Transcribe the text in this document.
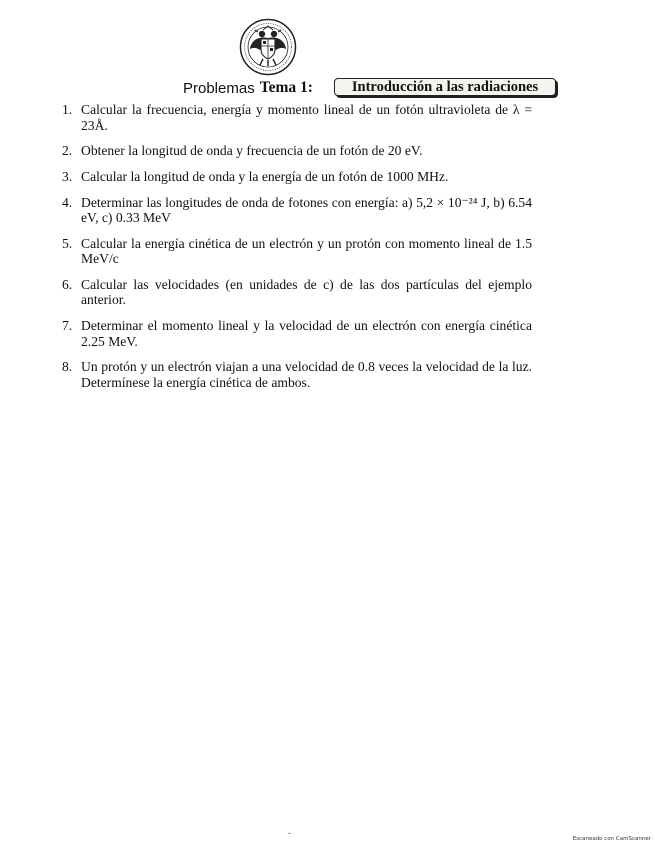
Problemas Tema 1:	Introducción a las radiaciones
1. Calcular la frecuencia, energía y momento lineal de un fotón ultravioleta de λ = 23Å.
2. Obtener la longitud de onda y frecuencia de un fotón de 20 eV.
3. Calcular la longitud de onda y la energía de un fotón de 1000 MHz.
4. Determinar las longitudes de onda de fotones con energía: a) 5,2 × 10⁻²⁴ J, b) 6.54 eV, c) 0.33 MeV
5. Calcular la energía cinética de un electrón y un protón con momento lineal de 1.5 MeV/c
6. Calcular las velocidades (en unidades de c) de las dos partículas del ejemplo anterior.
7. Determinar el momento lineal y la velocidad de un electrón con energía cinética 2.25 MeV.
8. Un protón y un electrón viajan a una velocidad de 0.8 veces la velocidad de la luz. Determínese la energía cinética de ambos.
-	Escaneado con CamScanner
